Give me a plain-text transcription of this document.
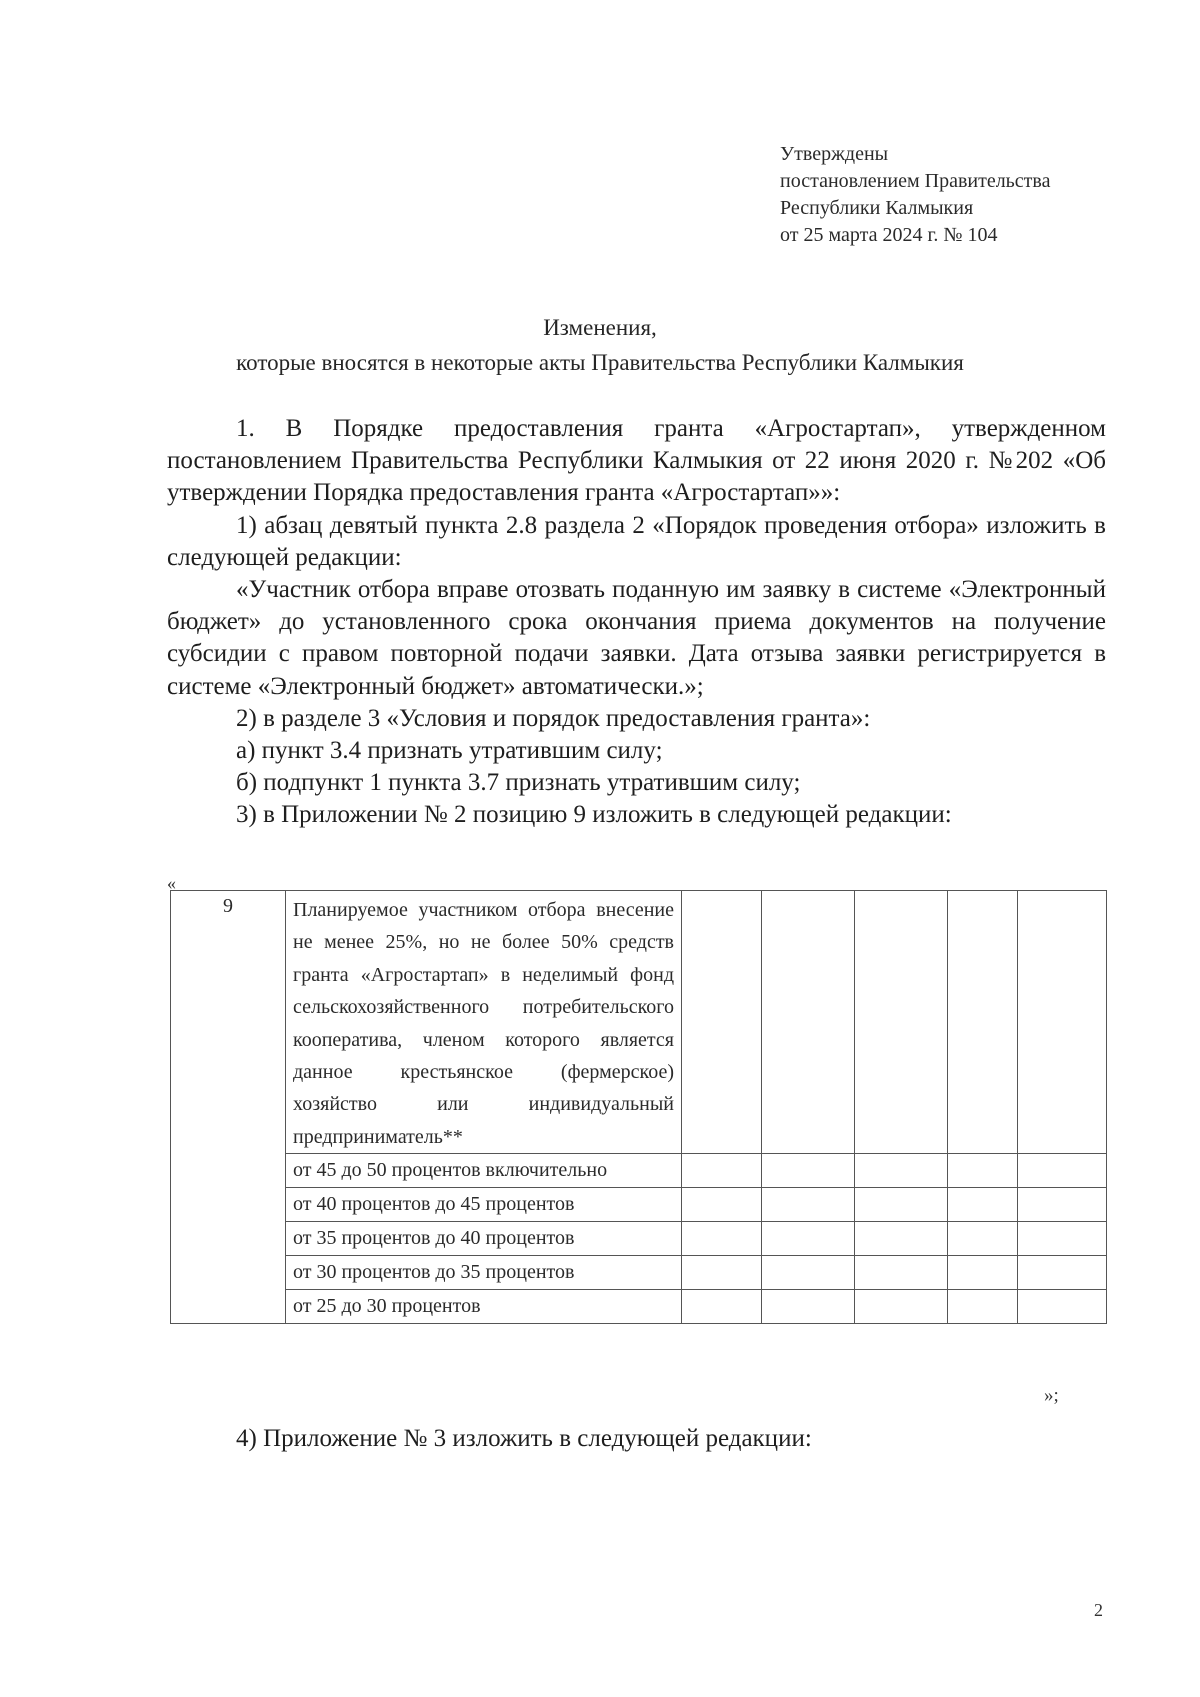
Утверждены
постановлением Правительства
Республики Калмыкия
от 25 марта 2024 г. № 104
Изменения,
которые вносятся в некоторые акты Правительства Республики Калмыкия

1. В Порядке предоставления гранта «Агростартап», утвержденном постановлением Правительства Республики Калмыкия от 22 июня 2020 г. №202 «Об утверждении Порядка предоставления гранта «Агростартап»»:

1) абзац девятый пункта 2.8 раздела 2 «Порядок проведения отбора» изложить в следующей редакции:

«Участник отбора вправе отозвать поданную им заявку в системе «Электронный бюджет» до установленного срока окончания приема документов на получение субсидии с правом повторной подачи заявки. Дата отзыва заявки регистрируется в системе «Электронный бюджет» автоматически.»;

2) в разделе 3 «Условия и порядок предоставления гранта»:

а) пункт 3.4 признать утратившим силу;

б) подпункт 1 пункта 3.7 признать утратившим силу;

3) в Приложении № 2 позицию 9 изложить в следующей редакции:

«
9	Планируемое участником отбора внесение не менее 25%, но не более 50% средств гранта «Агростартап» в неделимый фонд сельскохозяйственного потребительского кооператива, членом которого является данное крестьянское (фермерское) хозяйство или индивидуальный предприниматель**					
	от 45 до 50 процентов включительно					
	от 40 процентов до 45 процентов					
	от 35 процентов до 40 процентов					
	от 30 процентов до 35 процентов					
	от 25 до 30 процентов					
»;

4) Приложение № 3 изложить в следующей редакции:

2
